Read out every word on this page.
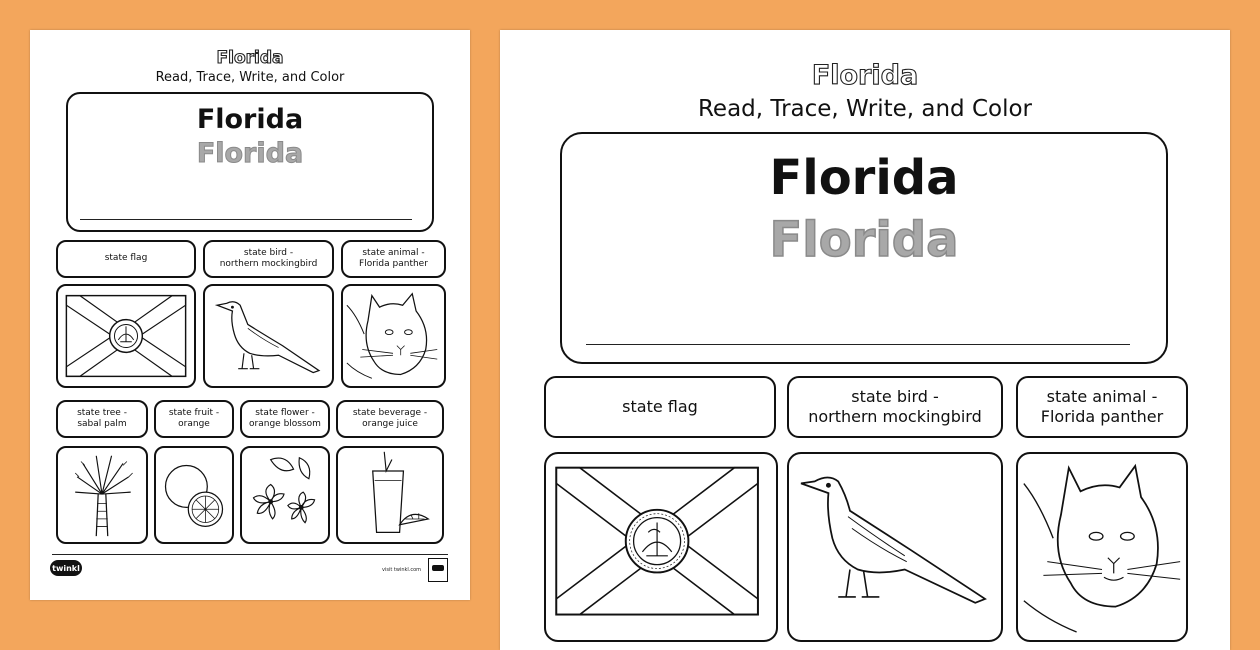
Florida
Read, Trace, Write, and Color
Florida
Florida
state flag
state bird -
northern mockingbird
state animal -
Florida panther
state tree -
sabal palm
state fruit -
orange
state flower -
orange blossom
state beverage -
orange juice
twinkl	visit twinkl.com
Florida
Read, Trace, Write, and Color
Florida
Florida
state flag
state bird -
northern mockingbird
state animal -
Florida panther
